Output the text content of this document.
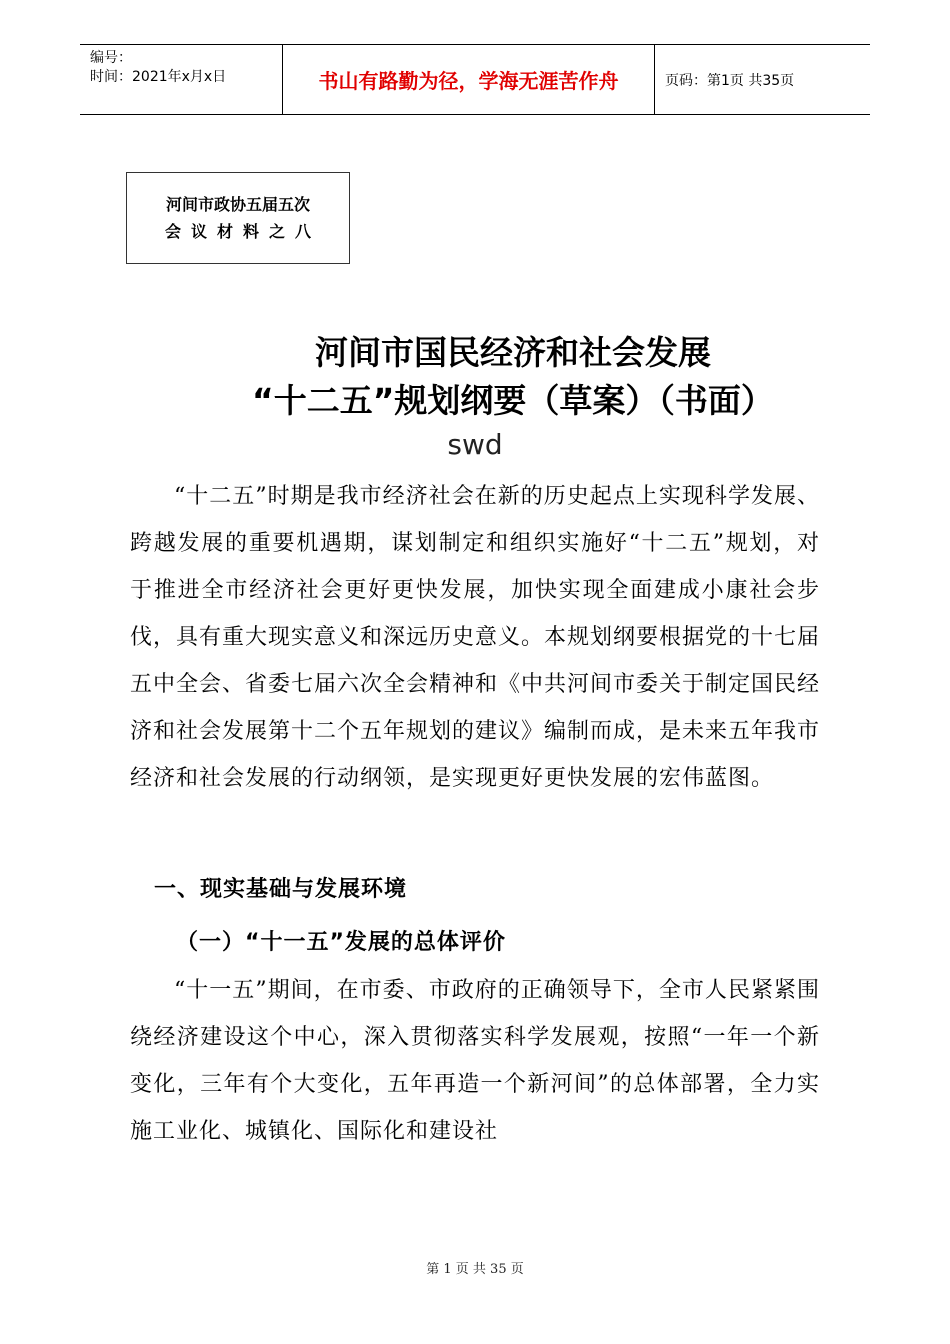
编号：
时间：2021年x月x日	书山有路勤为径，学海无涯苦作舟	页码：第1页 共35页
河间市政协五届五次
会议材料之八
河间市国民经济和社会发展
“十二五”规划纲要（草案）（书面）
swd
“十二五”时期是我市经济社会在新的历史起点上实现科学发展、跨越发展的重要机遇期，谋划制定和组织实施好“十二五”规划，对于推进全市经济社会更好更快发展，加快实现全面建成小康社会步伐，具有重大现实意义和深远历史意义。本规划纲要根据党的十七届五中全会、省委七届六次全会精神和《中共河间市委关于制定国民经济和社会发展第十二个五年规划的建议》编制而成，是未来五年我市经济和社会发展的行动纲领，是实现更好更快发展的宏伟蓝图。
一、现实基础与发展环境
（一）“十一五”发展的总体评价
“十一五”期间，在市委、市政府的正确领导下，全市人民紧紧围绕经济建设这个中心，深入贯彻落实科学发展观，按照“一年一个新变化，三年有个大变化，五年再造一个新河间”的总体部署，全力实施工业化、城镇化、国际化和建设社
第 1 页 共 35 页
